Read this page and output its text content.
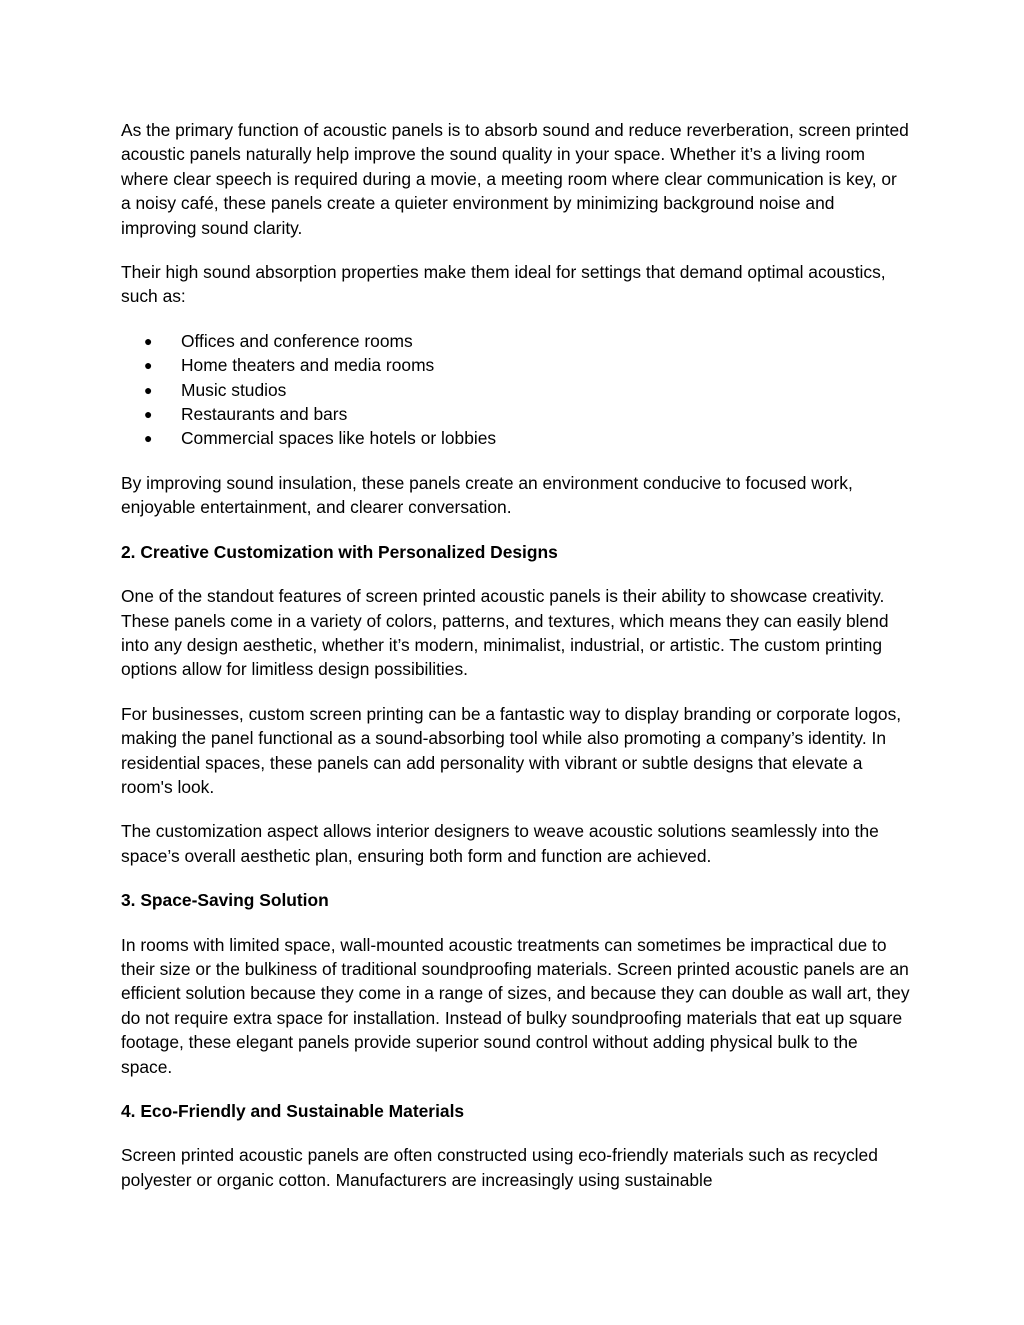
As the primary function of acoustic panels is to absorb sound and reduce reverberation, screen printed acoustic panels naturally help improve the sound quality in your space. Whether it’s a living room where clear speech is required during a movie, a meeting room where clear communication is key, or a noisy café, these panels create a quieter environment by minimizing background noise and improving sound clarity.

Their high sound absorption properties make them ideal for settings that demand optimal acoustics, such as:

● Offices and conference rooms
● Home theaters and media rooms
● Music studios
● Restaurants and bars
● Commercial spaces like hotels or lobbies

By improving sound insulation, these panels create an environment conducive to focused work, enjoyable entertainment, and clearer conversation.

2. Creative Customization with Personalized Designs

One of the standout features of screen printed acoustic panels is their ability to showcase creativity. These panels come in a variety of colors, patterns, and textures, which means they can easily blend into any design aesthetic, whether it’s modern, minimalist, industrial, or artistic. The custom printing options allow for limitless design possibilities.

For businesses, custom screen printing can be a fantastic way to display branding or corporate logos, making the panel functional as a sound-absorbing tool while also promoting a company’s identity. In residential spaces, these panels can add personality with vibrant or subtle designs that elevate a room's look.

The customization aspect allows interior designers to weave acoustic solutions seamlessly into the space’s overall aesthetic plan, ensuring both form and function are achieved.

3. Space-Saving Solution

In rooms with limited space, wall-mounted acoustic treatments can sometimes be impractical due to their size or the bulkiness of traditional soundproofing materials. Screen printed acoustic panels are an efficient solution because they come in a range of sizes, and because they can double as wall art, they do not require extra space for installation. Instead of bulky soundproofing materials that eat up square footage, these elegant panels provide superior sound control without adding physical bulk to the space.

4. Eco-Friendly and Sustainable Materials

Screen printed acoustic panels are often constructed using eco-friendly materials such as recycled polyester or organic cotton. Manufacturers are increasingly using sustainable
